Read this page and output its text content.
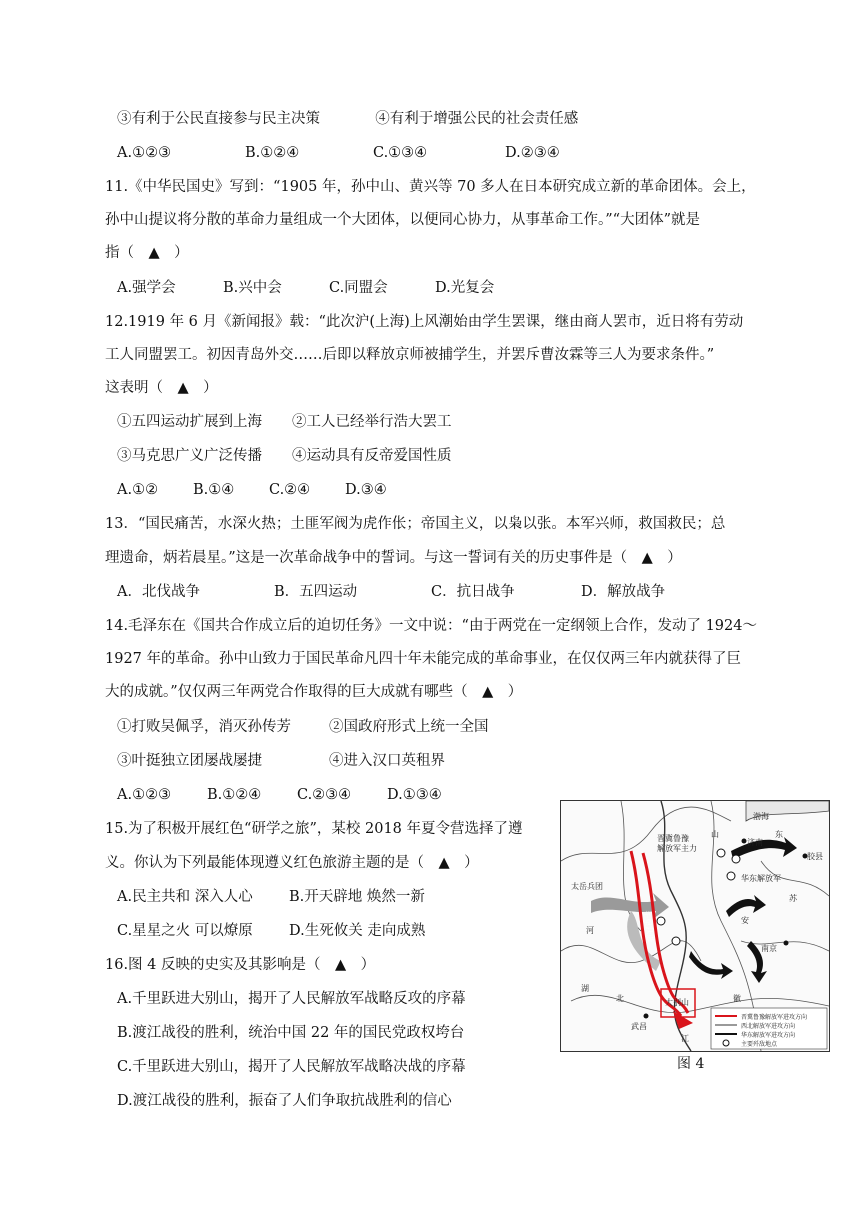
③有利于公民直接参与民主决策	④有利于增强公民的社会责任感
A.①②③	B.①②④	C.①③④	D.②③④
11.《中华民国史》写到：“1905 年，孙中山、黄兴等 70 多人在日本研究成立新的革命团体。会上，
孙中山提议将分散的革命力量组成一个大团体，以便同心协力，从事革命工作。”“大团体”就是
指（　▲　）
A.强学会	B.兴中会	C.同盟会	D.光复会
12.1919 年 6 月《新闻报》载：“此次沪(上海)上风潮始由学生罢课，继由商人罢市，近日将有劳动
工人同盟罢工。初因青岛外交……后即以释放京师被捕学生，并罢斥曹汝霖等三人为要求条件。”
这表明（　▲　）
①五四运动扩展到上海 ②工人已经举行浩大罢工
③马克思广义广泛传播 ④运动具有反帝爱国性质
A.①② B.①④ C.②④ D.③④
13．“国民痛苦，水深火热；土匪军阀为虎作伥；帝国主义，以枭以张。本军兴师，救国救民；总
理遗命，炳若晨星。”这是一次革命战争中的誓词。与这一誓词有关的历史事件是（　▲　）
A．北伐战争	B．五四运动	C．抗日战争	D．解放战争
14.毛泽东在《国共合作成立后的迫切任务》一文中说：“由于两党在一定纲领上合作，发动了 1924～
1927 年的革命。孙中山致力于国民革命凡四十年未能完成的革命事业，在仅仅两三年内就获得了巨
大的成就。”仅仅两三年两党合作取得的巨大成就有哪些（　▲　）
①打败吴佩孚，消灭孙传芳	②国政府形式上统一全国
③叶挺独立团屡战屡捷	④进入汉口英租界
A.①②③ B.①②④ C.②③④ D.①③④
15.为了积极开展红色“研学之旅”，某校 2018 年夏令营选择了遵
义。你认为下列最能体现遵义红色旅游主题的是（　▲　）
A.民主共和 深入人心	B.开天辟地 焕然一新
C.星星之火 可以燎原 D.生死攸关 走向成熟
16.图 4 反映的史实及其影响是（　▲　）
A.千里跃进大别山，揭开了人民解放军战略反攻的序幕
B.渡江战役的胜利，统治中国 22 年的国民党政权垮台
C.千里跃进大别山，揭开了人民解放军战略决战的序幕
D.渡江战役的胜利，振奋了人们争取抗战胜利的信心
渤海
济南
胶县
华东解放军
晋冀鲁豫
解放军主力
太岳兵团
河
南京
湖
北
武昌
大别山
江
安
徽
东
山
苏
千里跃进
晋冀鲁豫解放军进攻方向
西北解放军进攻方向
华东解放军进攻方向
主要歼敌地点
图 4
